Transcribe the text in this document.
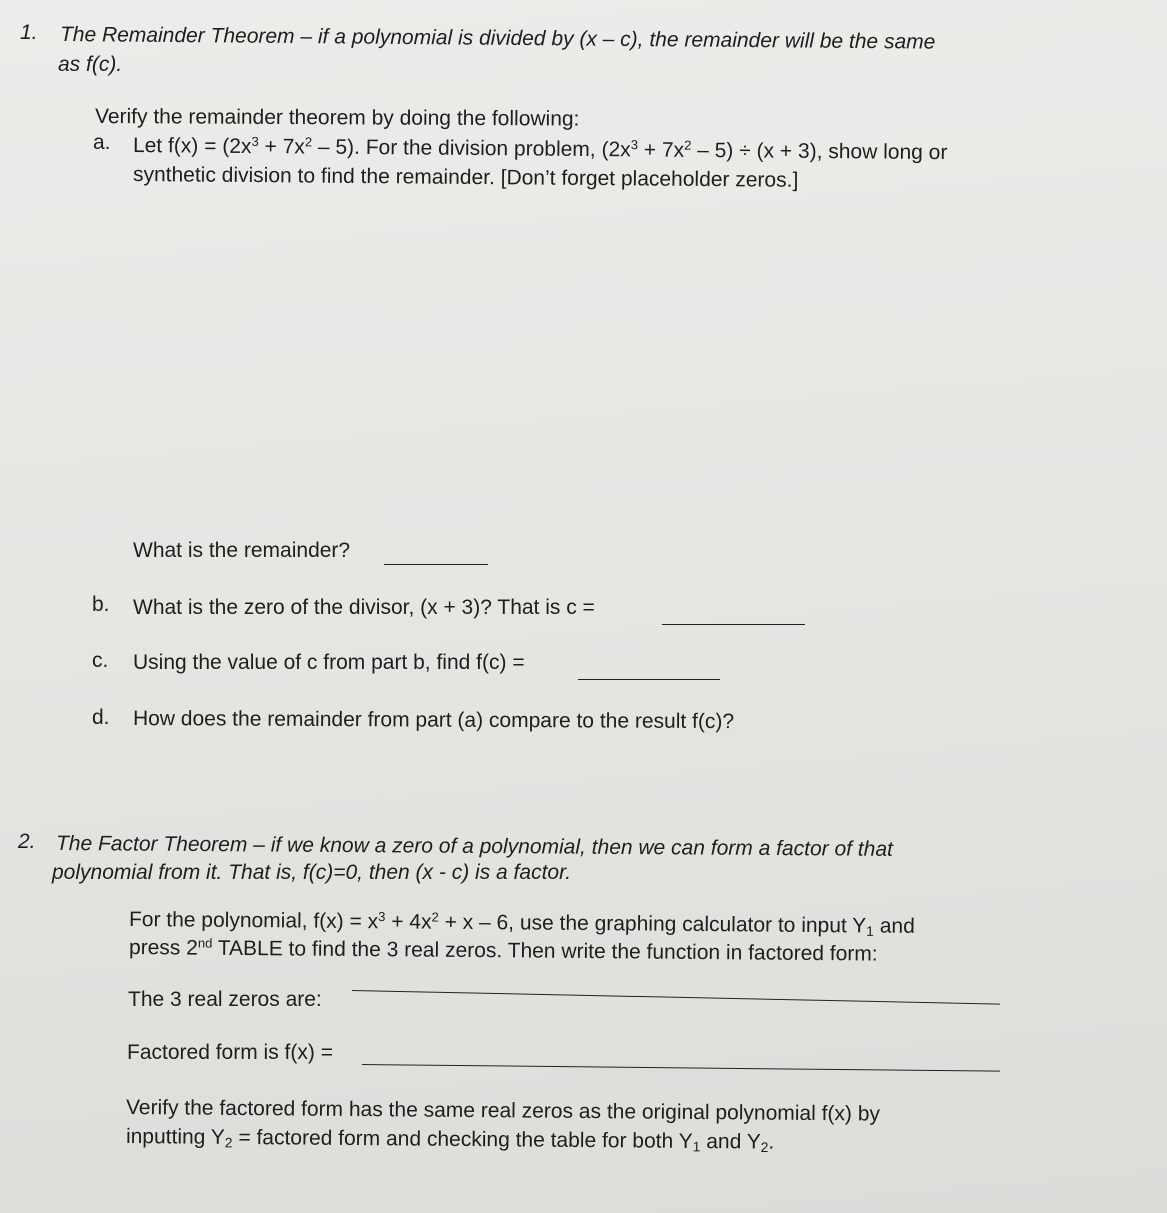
1. The Remainder Theorem – if a polynomial is divided by (x – c), the remainder will be the same
as f(c).
Verify the remainder theorem by doing the following:
a. Let $f(x) = (2x^3 + 7x^2 - 5)$. For the division problem, $(2x^3 + 7x^2 - 5) \div (x + 3)$, show long or
synthetic division to find the remainder. [Don’t forget placeholder zeros.]
What is the remainder?
b. What is the zero of the divisor, (x + 3)? That is c =
c. Using the value of c from part b, find f(c) =
d. How does the remainder from part (a) compare to the result f(c)?
2. The Factor Theorem – if we know a zero of a polynomial, then we can form a factor of that
polynomial from it. That is, f(c)=0, then (x - c) is a factor.
For the polynomial, $f(x) = x^3 + 4x^2 + x - 6$, use the graphing calculator to input $Y_1$ and
press 2nd TABLE to find the 3 real zeros. Then write the function in factored form:
The 3 real zeros are:
Factored form is f(x) =
Verify the factored form has the same real zeros as the original polynomial f(x) by
inputting $Y_2$ = factored form and checking the table for both $Y_1$ and $Y_2$.
